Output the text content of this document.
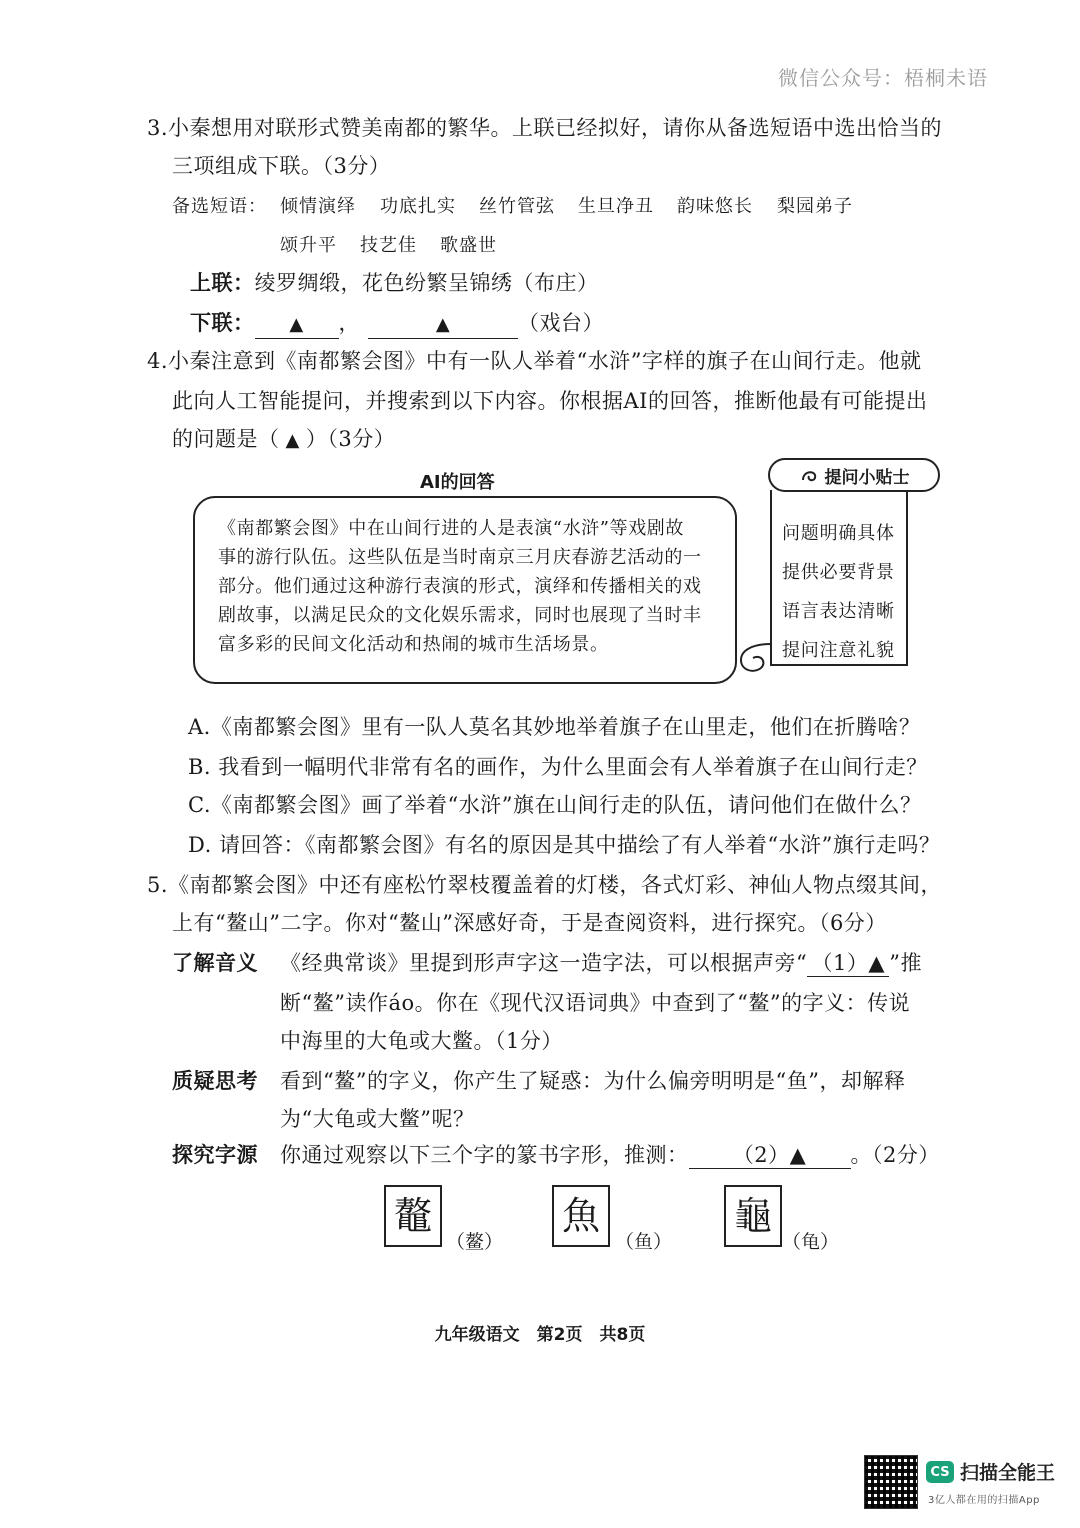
微信公众号：梧桐未语
3.小秦想用对联形式赞美南都的繁华。上联已经拟好，请你从备选短语中选出恰当的
三项组成下联。（3分）
备选短语： 倾情演绎 功底扎实 丝竹管弦 生旦净丑 韵味悠长 梨园弟子
颂升平 技艺佳 歌盛世
上联：绫罗绸缎，花色纷繁呈锦绣（布庄）
下联： ▲ ，	▲	（戏台）
4.小秦注意到《南都繁会图》中有一队人举着“水浒”字样的旗子在山间行走。他就
此向人工智能提问，并搜索到以下内容。你根据AI的回答，推断他最有可能提出
的问题是（ ▲ ）（3分）
AI的回答
《南都繁会图》中在山间行进的人是表演“水浒”等戏剧故
事的游行队伍。这些队伍是当时南京三月庆春游艺活动的一
部分。他们通过这种游行表演的形式，演绎和传播相关的戏
剧故事，以满足民众的文化娱乐需求，同时也展现了当时丰
富多彩的民间文化活动和热闹的城市生活场景。
提问小贴士
问题明确具体
提供必要背景
语言表达清晰
提问注意礼貌
A.《南都繁会图》里有一队人莫名其妙地举着旗子在山里走，他们在折腾啥？
B. 我看到一幅明代非常有名的画作，为什么里面会有人举着旗子在山间行走？
C.《南都繁会图》画了举着“水浒”旗在山间行走的队伍，请问他们在做什么？
D. 请回答：《南都繁会图》有名的原因是其中描绘了有人举着“水浒”旗行走吗？
5.《南都繁会图》中还有座松竹翠枝覆盖着的灯楼，各式灯彩、神仙人物点缀其间，
上有“鳌山”二字。你对“鳌山”深感好奇，于是查阅资料，进行探究。（6分）
了解音义 《经典常谈》里提到形声字这一造字法，可以根据声旁“ （1）▲ ”推
断“鳌”读作áo。你在《现代汉语词典》中查到了“鳌”的字义：传说
中海里的大龟或大鳖。（1分）
质疑思考 看到“鳌”的字义，你产生了疑惑：为什么偏旁明明是“鱼”，却解释
为“大龟或大鳖”呢？
探究字源 你通过观察以下三个字的篆书字形，推测： （2）▲ 。（2分）
鼇
（鳌）
魚
（鱼）
龜
（龟）
九年级语文　第2页　共8页
CS 扫描全能王
3亿人都在用的扫描App
